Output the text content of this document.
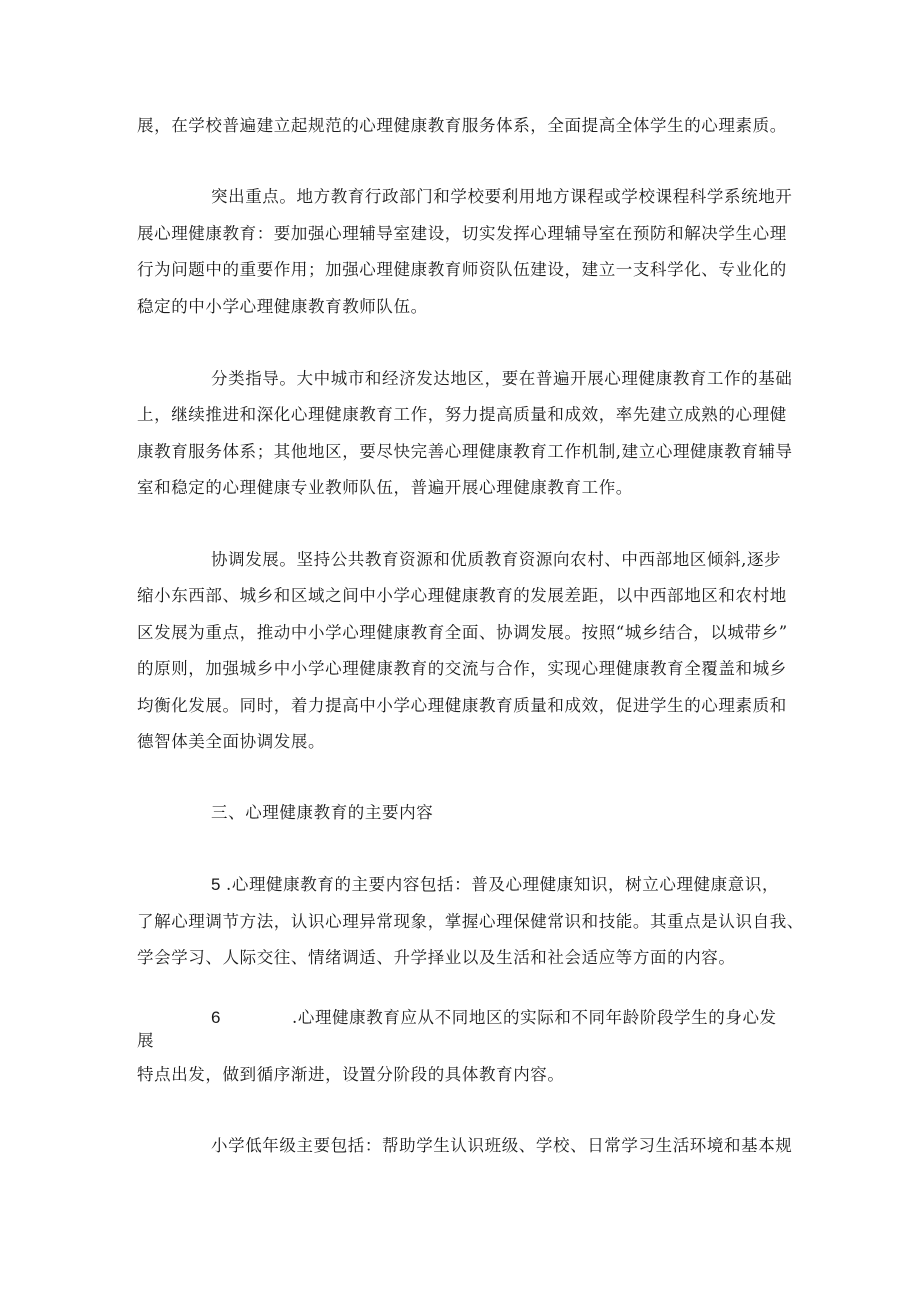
展，在学校普遍建立起规范的心理健康教育服务体系，全面提高全体学生的心理素质。
突出重点。地方教育行政部门和学校要利用地方课程或学校课程科学系统地开
展心理健康教育：要加强心理辅导室建设，切实发挥心理辅导室在预防和解决学生心理
行为问题中的重要作用；加强心理健康教育师资队伍建设，建立一支科学化、专业化的
稳定的中小学心理健康教育教师队伍。
分类指导。大中城市和经济发达地区，要在普遍开展心理健康教育工作的基础
上，继续推进和深化心理健康教育工作，努力提高质量和成效，率先建立成熟的心理健
康教育服务体系；其他地区，要尽快完善心理健康教育工作机制,建立心理健康教育辅导
室和稳定的心理健康专业教师队伍，普遍开展心理健康教育工作。
协调发展。坚持公共教育资源和优质教育资源向农村、中西部地区倾斜,逐步
缩小东西部、城乡和区域之间中小学心理健康教育的发展差距，以中西部地区和农村地
区发展为重点，推动中小学心理健康教育全面、协调发展。按照“城乡结合，以城带乡”
的原则，加强城乡中小学心理健康教育的交流与合作，实现心理健康教育全覆盖和城乡
均衡化发展。同时，着力提高中小学心理健康教育质量和成效，促进学生的心理素质和
德智体美全面协调发展。
三、心理健康教育的主要内容
5 .心理健康教育的主要内容包括：普及心理健康知识，树立心理健康意识，
了解心理调节方法，认识心理异常现象，掌握心理保健常识和技能。其重点是认识自我、
学会学习、人际交往、情绪调适、升学择业以及生活和社会适应等方面的内容。
6	.心理健康教育应从不同地区的实际和不同年龄阶段学生的身心发
展
特点出发，做到循序渐进，设置分阶段的具体教育内容。
小学低年级主要包括：帮助学生认识班级、学校、日常学习生活环境和基本规
